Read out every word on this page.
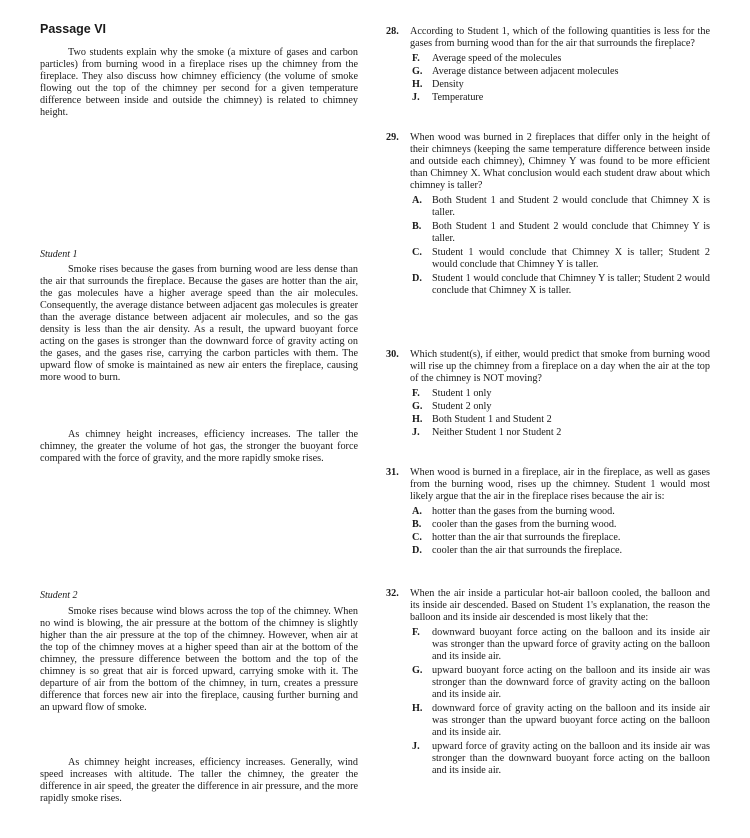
Passage VI

Two students explain why the smoke (a mixture of gases and carbon particles) from burning wood in a fireplace rises up the chimney from the fireplace. They also discuss how chimney efficiency (the volume of smoke flowing out the top of the chimney per second for a given temperature difference between inside and outside the chimney) is related to chimney height.

Student 1

Smoke rises because the gases from burning wood are less dense than the air that surrounds the fireplace. Because the gases are hotter than the air, the gas molecules have a higher average speed than the air molecules. Consequently, the average distance between adjacent gas molecules is greater than the average distance between adjacent air molecules, and so the gas density is less than the air density. As a result, the upward buoyant force acting on the gases is stronger than the downward force of gravity acting on the gases, and the gases rise, carrying the carbon particles with them. The upward flow of smoke is maintained as new air enters the fireplace, causing more wood to burn.

As chimney height increases, efficiency increases. The taller the chimney, the greater the volume of hot gas, the stronger the buoyant force compared with the force of gravity, and the more rapidly smoke rises.

Student 2

Smoke rises because wind blows across the top of the chimney. When no wind is blowing, the air pressure at the bottom of the chimney is slightly higher than the air pressure at the top of the chimney. However, when air at the top of the chimney moves at a higher speed than air at the bottom of the chimney, the pressure difference between the bottom and the top of the chimney is so great that air is forced upward, carrying smoke with it. The departure of air from the bottom of the chimney, in turn, creates a pressure difference that forces new air into the fireplace, causing further burning and an upward flow of smoke.

As chimney height increases, efficiency increases. Generally, wind speed increases with altitude. The taller the chimney, the greater the difference in air speed, the greater the difference in air pressure, and the more rapidly smoke rises.

28. According to Student 1, which of the following quantities is less for the gases from burning wood than for the air that surrounds the fireplace?

F. Average speed of the molecules
G. Average distance between adjacent molecules
H. Density
J. Temperature

29. When wood was burned in 2 fireplaces that differ only in the height of their chimneys (keeping the same temperature difference between inside and outside each chimney), Chimney Y was found to be more efficient than Chimney X. What conclusion would each student draw about which chimney is taller?

A. Both Student 1 and Student 2 would conclude that Chimney X is taller.
B. Both Student 1 and Student 2 would conclude that Chimney Y is taller.
C. Student 1 would conclude that Chimney X is taller; Student 2 would conclude that Chimney Y is taller.
D. Student 1 would conclude that Chimney Y is taller; Student 2 would conclude that Chimney X is taller.

30. Which student(s), if either, would predict that smoke from burning wood will rise up the chimney from a fireplace on a day when the air at the top of the chimney is NOT moving?

F. Student 1 only
G. Student 2 only
H. Both Student 1 and Student 2
J. Neither Student 1 nor Student 2

31. When wood is burned in a fireplace, air in the fireplace, as well as gases from the burning wood, rises up the chimney. Student 1 would most likely argue that the air in the fireplace rises because the air is:

A. hotter than the gases from the burning wood.
B. cooler than the gases from the burning wood.
C. hotter than the air that surrounds the fireplace.
D. cooler than the air that surrounds the fireplace.

32. When the air inside a particular hot-air balloon cooled, the balloon and its inside air descended. Based on Student 1's explanation, the reason the balloon and its inside air descended is most likely that the:

F. downward buoyant force acting on the balloon and its inside air was stronger than the upward force of gravity acting on the balloon and its inside air.
G. upward buoyant force acting on the balloon and its inside air was stronger than the downward force of gravity acting on the balloon and its inside air.
H. downward force of gravity acting on the balloon and its inside air was stronger than the upward buoyant force acting on the balloon and its inside air.
J. upward force of gravity acting on the balloon and its inside air was stronger than the downward buoyant force acting on the balloon and its inside air.
